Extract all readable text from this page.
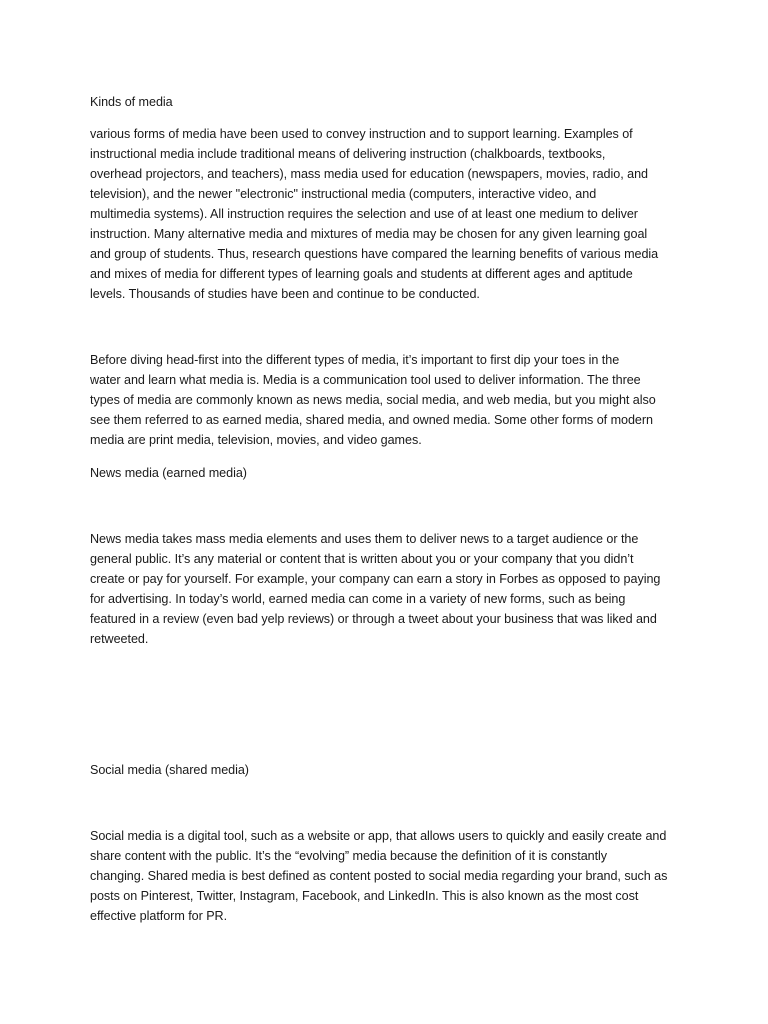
Kinds of media

various forms of media have been used to convey instruction and to support learning. Examples of

instructional media include traditional means of delivering instruction (chalkboards, textbooks,

overhead projectors, and teachers), mass media used for education (newspapers, movies, radio, and

television), and the newer "electronic" instructional media (computers, interactive video, and

multimedia systems). All instruction requires the selection and use of at least one medium to deliver

instruction. Many alternative media and mixtures of media may be chosen for any given learning goal

and group of students. Thus, research questions have compared the learning benefits of various media

and mixes of media for different types of learning goals and students at different ages and aptitude

levels. Thousands of studies have been and continue to be conducted.

Before diving head-first into the different types of media, it’s important to first dip your toes in the

water and learn what media is. Media is a communication tool used to deliver information. The three

types of media are commonly known as news media, social media, and web media, but you might also

see them referred to as earned media, shared media, and owned media. Some other forms of modern

media are print media, television, movies, and video games.

News media (earned media)

News media takes mass media elements and uses them to deliver news to a target audience or the

general public. It’s any material or content that is written about you or your company that you didn’t

create or pay for yourself. For example, your company can earn a story in Forbes as opposed to paying

for advertising. In today’s world, earned media can come in a variety of new forms, such as being

featured in a review (even bad yelp reviews) or through a tweet about your business that was liked and

retweeted.

Social media (shared media)

Social media is a digital tool, such as a website or app, that allows users to quickly and easily create and

share content with the public. It’s the “evolving” media because the definition of it is constantly

changing. Shared media is best defined as content posted to social media regarding your brand, such as

posts on Pinterest, Twitter, Instagram, Facebook, and LinkedIn. This is also known as the most cost

effective platform for PR.
